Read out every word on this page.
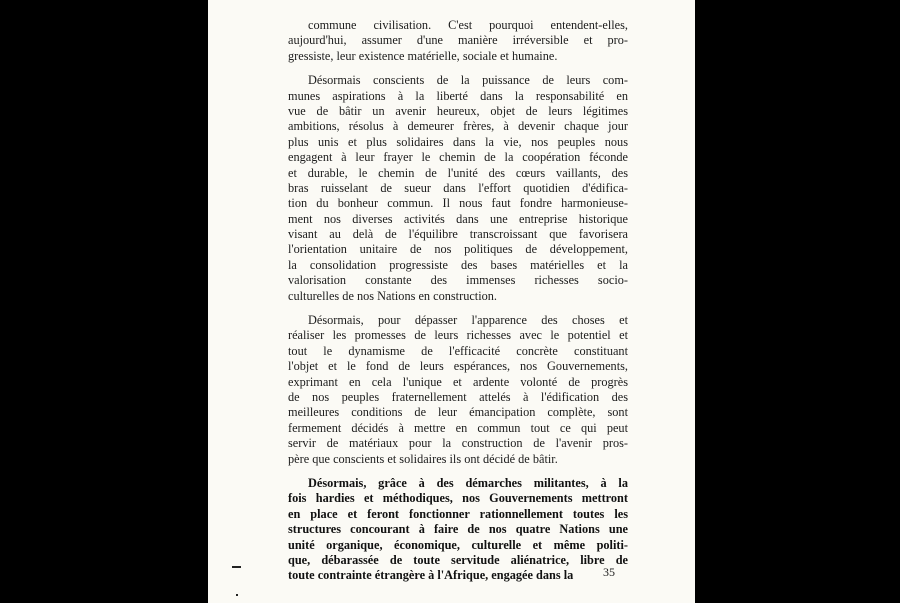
commune civilisation. C'est pourquoi entendent-elles,
aujourd'hui, assumer d'une manière irréversible et pro-
gressiste, leur existence matérielle, sociale et humaine.
Désormais conscients de la puissance de leurs com-
munes aspirations à la liberté dans la responsabilité en
vue de bâtir un avenir heureux, objet de leurs légitimes
ambitions, résolus à demeurer frères, à devenir chaque jour
plus unis et plus solidaires dans la vie, nos peuples nous
engagent à leur frayer le chemin de la coopération féconde
et durable, le chemin de l'unité des cœurs vaillants, des
bras ruisselant de sueur dans l'effort quotidien d'édifica-
tion du bonheur commun. Il nous faut fondre harmonieuse-
ment nos diverses activités dans une entreprise historique
visant au delà de l'équilibre transcroissant que favorisera
l'orientation unitaire de nos politiques de développement,
la consolidation progressiste des bases matérielles et la
valorisation constante des immenses richesses socio-
culturelles de nos Nations en construction.
Désormais, pour dépasser l'apparence des choses et
réaliser les promesses de leurs richesses avec le potentiel et
tout le dynamisme de l'efficacité concrète constituant
l'objet et le fond de leurs espérances, nos Gouvernements,
exprimant en cela l'unique et ardente volonté de progrès
de nos peuples fraternellement attelés à l'édification des
meilleures conditions de leur émancipation complète, sont
fermement décidés à mettre en commun tout ce qui peut
servir de matériaux pour la construction de l'avenir pros-
père que conscients et solidaires ils ont décidé de bâtir.
Désormais, grâce à des démarches militantes, à la
fois hardies et méthodiques, nos Gouvernements mettront
en place et feront fonctionner rationnellement toutes les
structures concourant à faire de nos quatre Nations une
unité organique, économique, culturelle et même politi-
que, débarassée de toute servitude aliénatrice, libre de
toute contrainte étrangère à l'Afrique, engagée dans la	35
